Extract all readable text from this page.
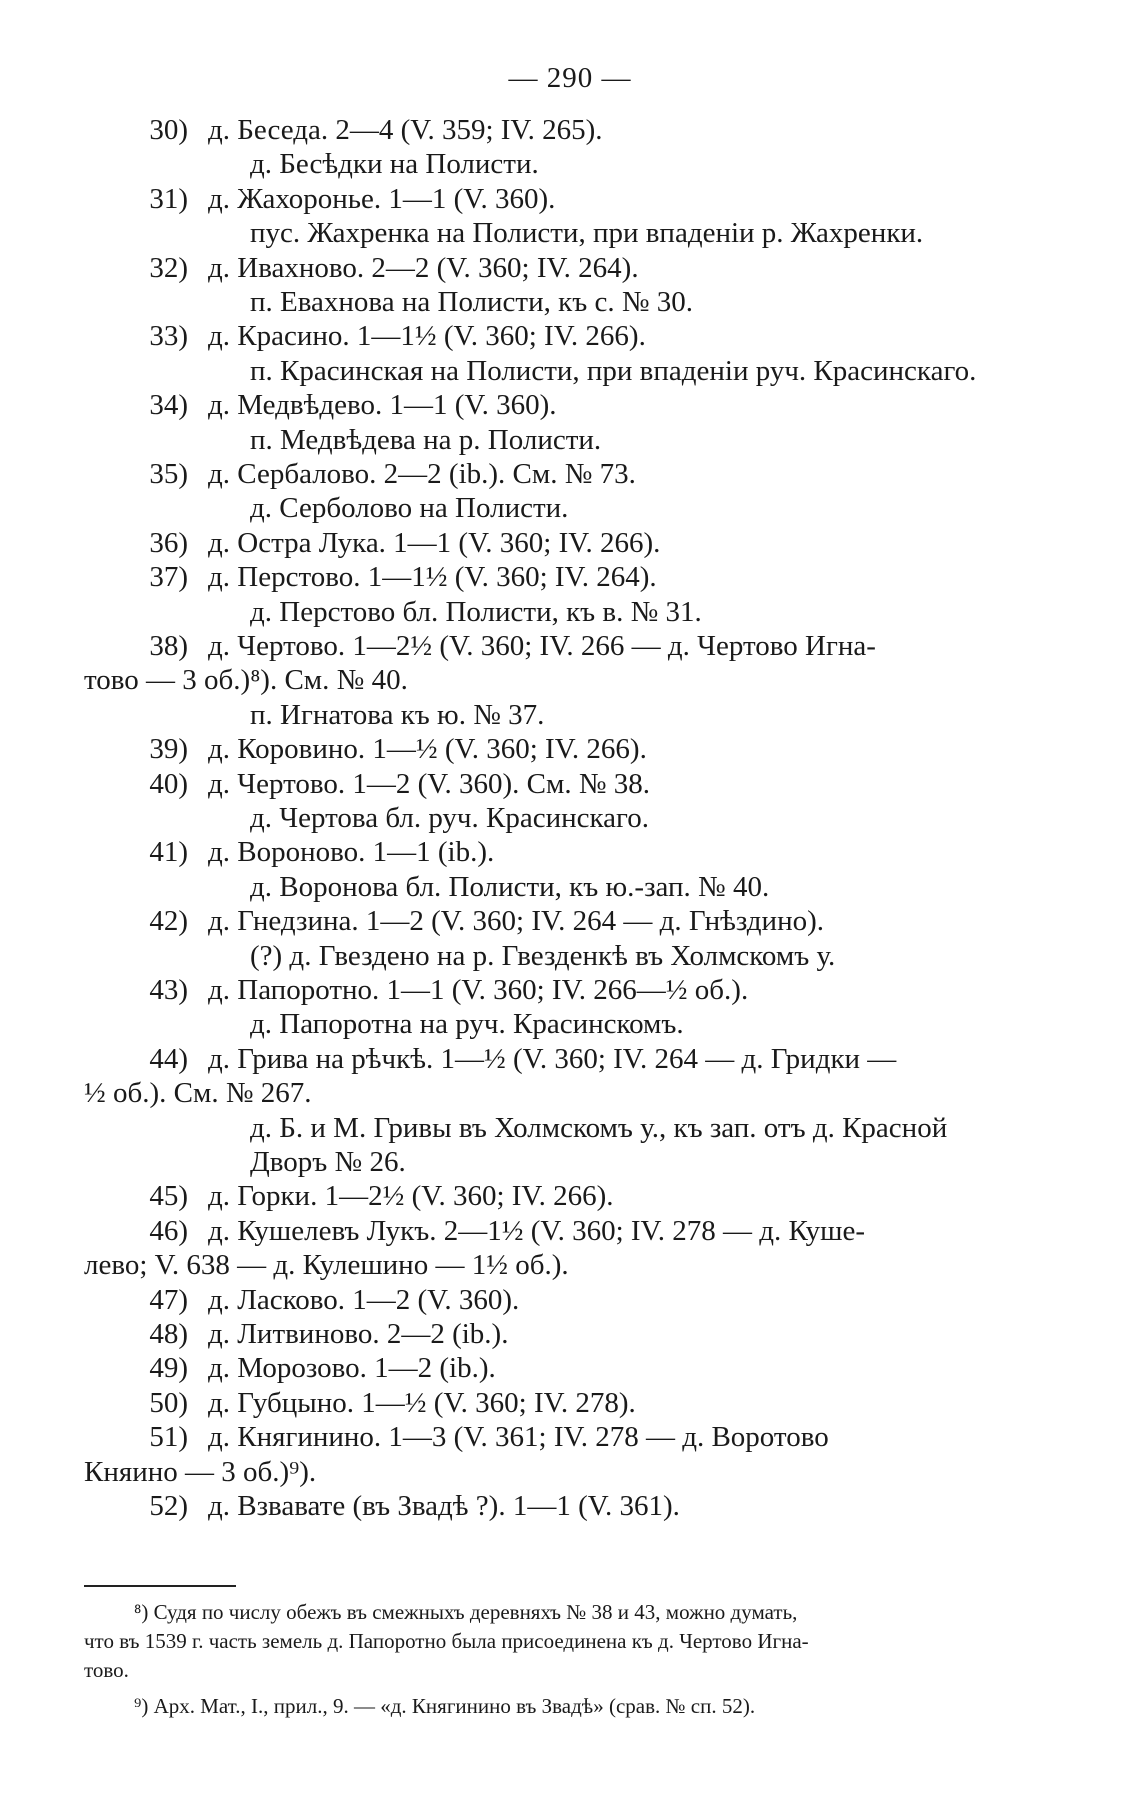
— 290 —
30) д. Беседа. 2—4 (V. 359; IV. 265).
д. Бесѣдки на Полисти.
31) д. Жахоронье. 1—1 (V. 360).
пус. Жахренка на Полисти, при впаденіи р. Жахренки.
32) д. Ивахново. 2—2 (V. 360; IV. 264).
п. Евахнова на Полисти, къ с. № 30.
33) д. Красино. 1—1½ (V. 360; IV. 266).
п. Красинская на Полисти, при впаденіи руч. Красинскаго.
34) д. Медвѣдево. 1—1 (V. 360).
п. Медвѣдева на р. Полисти.
35) д. Сербалово. 2—2 (ib.). См. № 73.
д. Серболово на Полисти.
36) д. Остра Лука. 1—1 (V. 360; IV. 266).
37) д. Перстово. 1—1½ (V. 360; IV. 264).
д. Перстово бл. Полисти, къ в. № 31.
38) д. Чертово. 1—2½ (V. 360; IV. 266 — д. Чертово Игна-
тово — 3 об.)⁸). См. № 40.
п. Игнатова къ ю. № 37.
39) д. Коровино. 1—½ (V. 360; IV. 266).
40) д. Чертово. 1—2 (V. 360). См. № 38.
д. Чертова бл. руч. Красинскаго.
41) д. Вороново. 1—1 (ib.).
д. Воронова бл. Полисти, къ ю.-зап. № 40.
42) д. Гнедзина. 1—2 (V. 360; IV. 264 — д. Гнѣздино).
(?) д. Гвездено на р. Гвезденкѣ въ Холмскомъ у.
43) д. Папоротно. 1—1 (V. 360; IV. 266—½ об.).
д. Папоротна на руч. Красинскомъ.
44) д. Грива на рѣчкѣ. 1—½ (V. 360; IV. 264 — д. Гридки —
½ об.). См. № 267.
д. Б. и М. Гривы въ Холмскомъ у., къ зап. отъ д. Красной
Дворъ № 26.
45) д. Горки. 1—2½ (V. 360; IV. 266).
46) д. Кушелевъ Лукъ. 2—1½ (V. 360; IV. 278 — д. Куше-
лево; V. 638 — д. Кулешино — 1½ об.).
47) д. Ласково. 1—2 (V. 360).
48) д. Литвиново. 2—2 (ib.).
49) д. Морозово. 1—2 (ib.).
50) д. Губцыно. 1—½ (V. 360; IV. 278).
51) д. Княгинино. 1—3 (V. 361; IV. 278 — д. Воротово
Княино — 3 об.)⁹).
52) д. Взвавате (въ Звадѣ ?). 1—1 (V. 361).
⁸) Судя по числу обежъ въ смежныхъ деревняхъ № 38 и 43, можно думать,
что въ 1539 г. часть земель д. Папоротно была присоединена къ д. Чертово Игна-
тово.
⁹) Арх. Мат., I., прил., 9. — «д. Княгинино въ Звадѣ» (срав. № сп. 52).
